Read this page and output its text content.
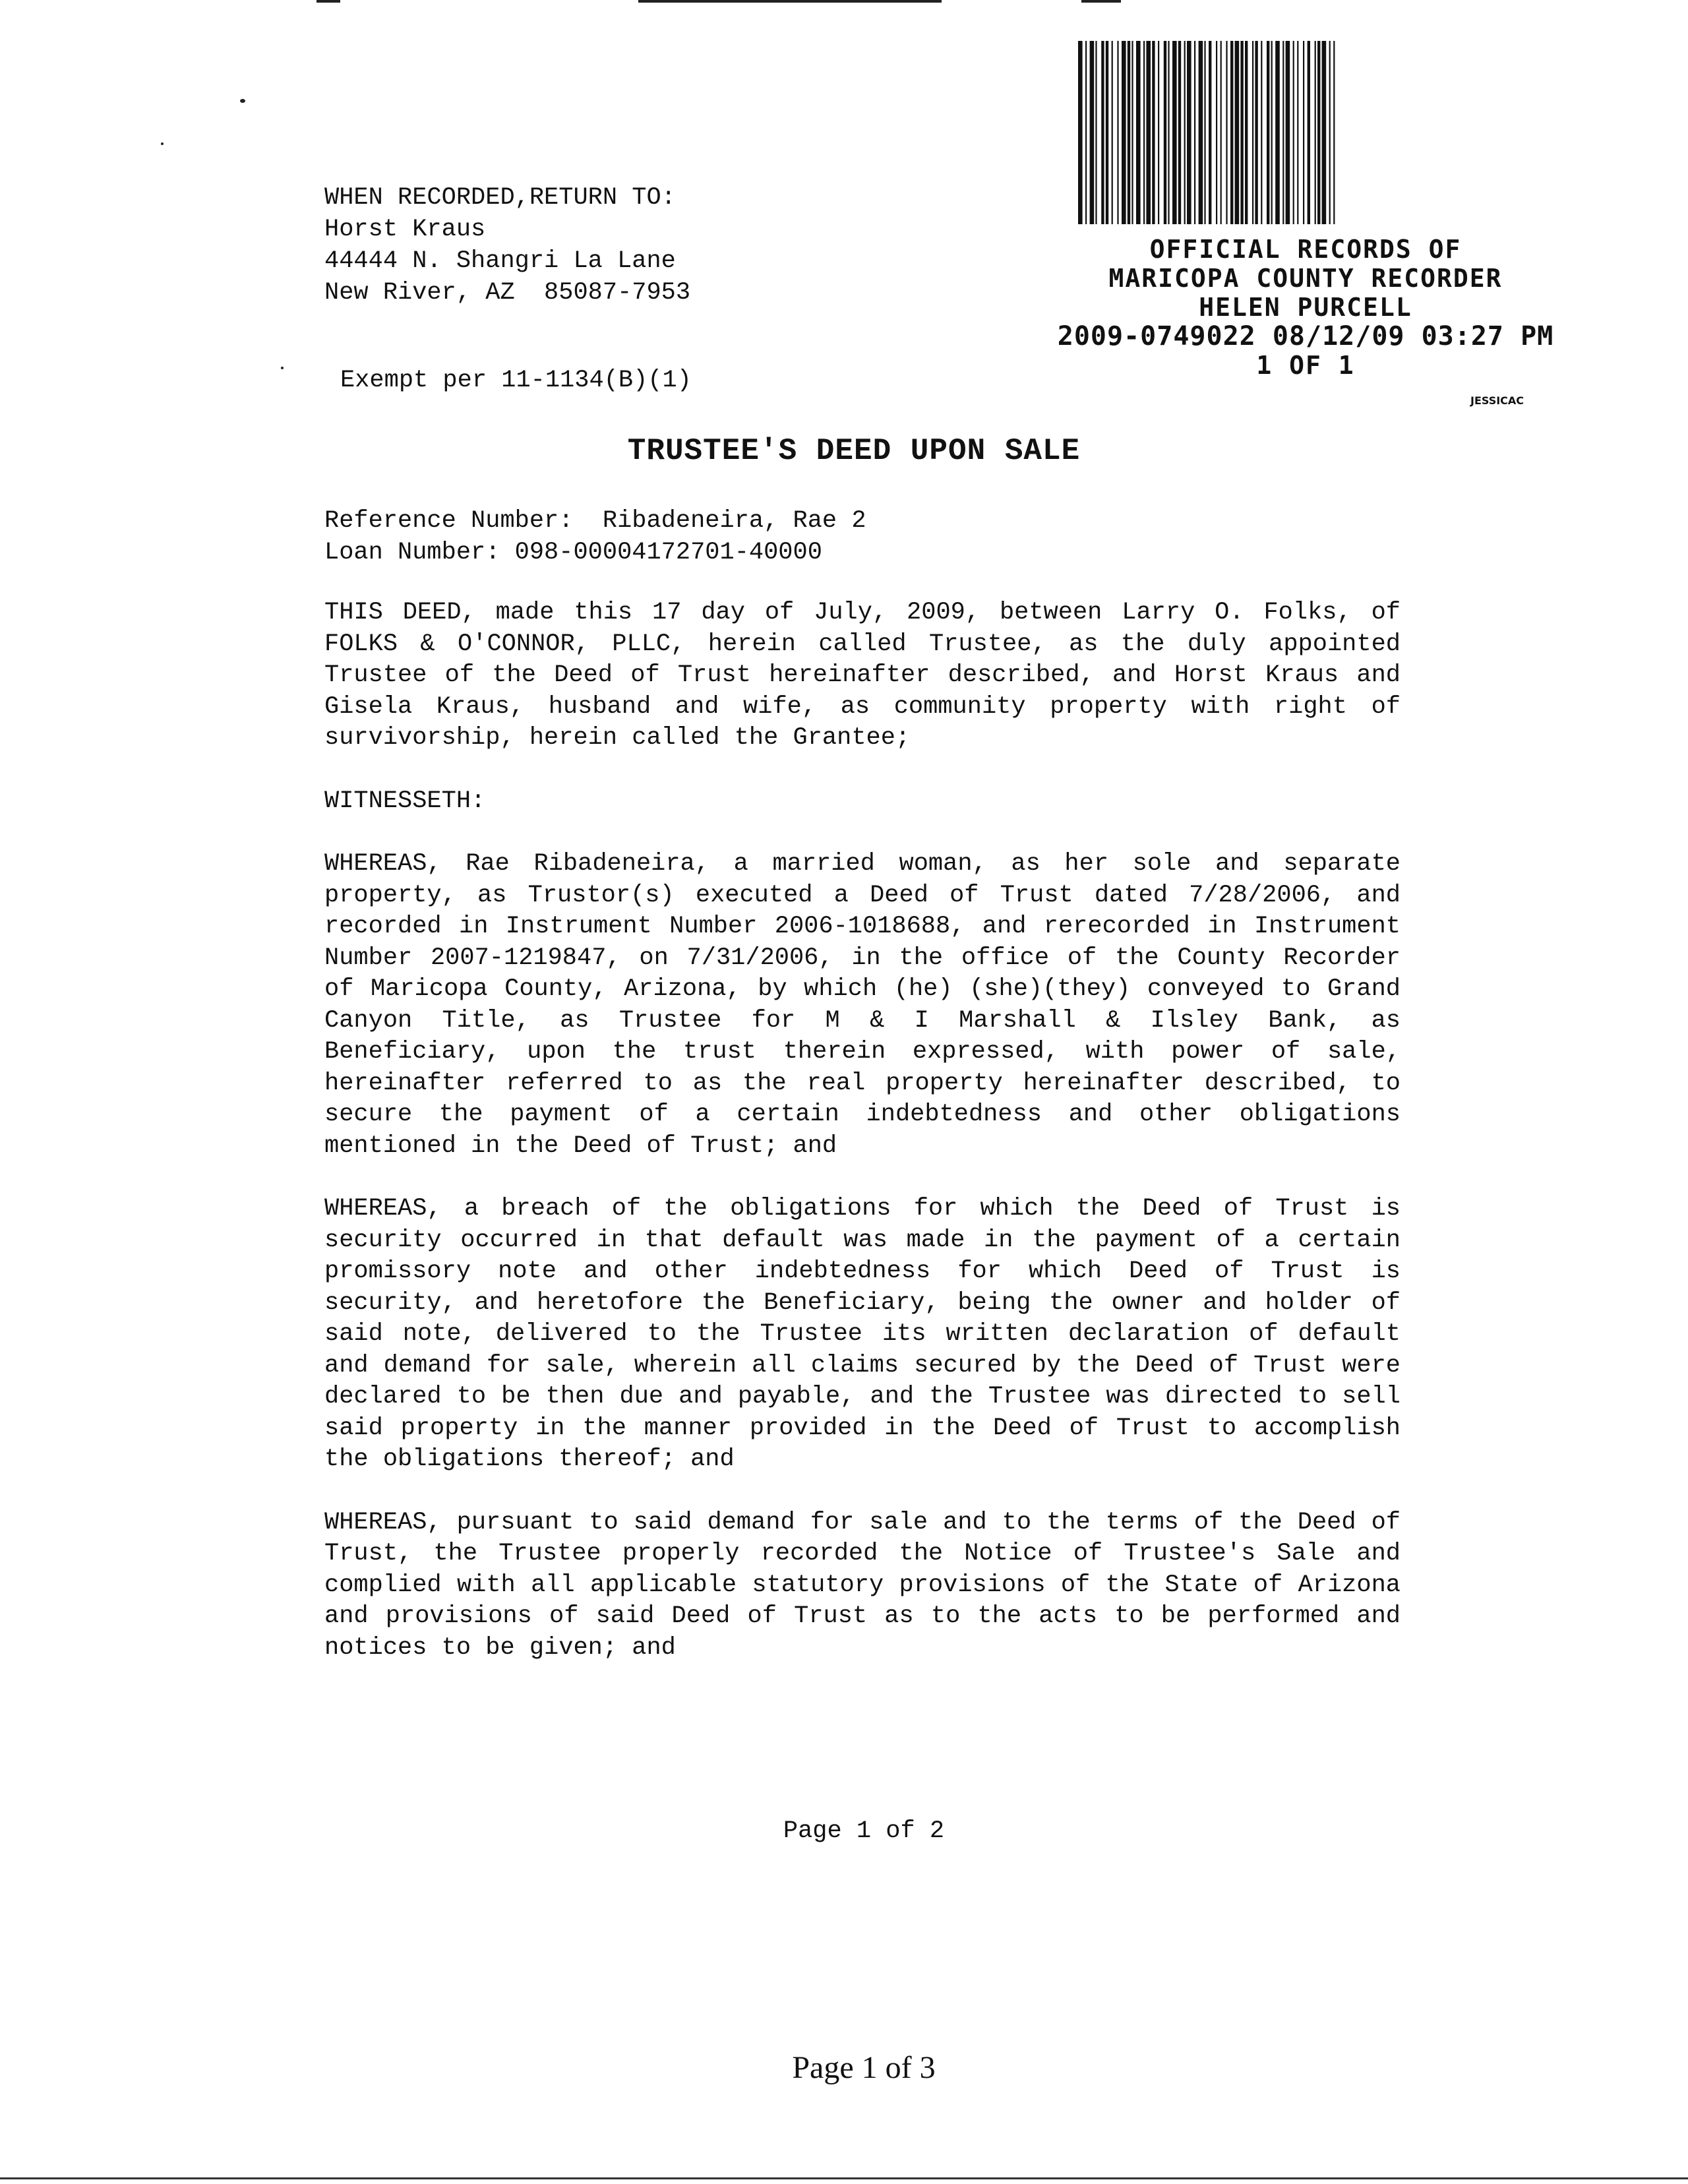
WHEN RECORDED,RETURN TO:
Horst Kraus
44444 N. Shangri La Lane
New River, AZ  85087-7953
Exempt per 11-1134(B)(1)
OFFICIAL RECORDS OF
MARICOPA COUNTY RECORDER
HELEN PURCELL
2009-0749022 08/12/09 03:27 PM
1 OF 1
JESSICAC
TRUSTEE'S DEED UPON SALE
Reference Number:  Ribadeneira, Rae 2
Loan Number: 098-00004172701-40000

THIS DEED, made this 17 day of July, 2009, between Larry O. Folks, of FOLKS & O'CONNOR, PLLC, herein called Trustee, as the duly appointed Trustee of the Deed of Trust hereinafter described, and Horst Kraus and Gisela Kraus, husband and wife, as community property with right of survivorship, herein called the Grantee;

WITNESSETH:

WHEREAS, Rae Ribadeneira, a married woman, as her sole and separate property, as Trustor(s) executed a Deed of Trust dated 7/28/2006, and recorded in Instrument Number 2006-1018688, and rerecorded in Instrument Number 2007-1219847, on 7/31/2006, in the office of the County Recorder of Maricopa County, Arizona, by which (he) (she)(they) conveyed to Grand Canyon Title, as Trustee for M & I Marshall & Ilsley Bank, as Beneficiary, upon the trust therein expressed, with power of sale, hereinafter referred to as the real property hereinafter described, to secure the payment of a certain indebtedness and other obligations mentioned in the Deed of Trust; and

WHEREAS, a breach of the obligations for which the Deed of Trust is security occurred in that default was made in the payment of a certain promissory note and other indebtedness for which Deed of Trust is security, and heretofore the Beneficiary, being the owner and holder of said note, delivered to the Trustee its written declaration of default and demand for sale, wherein all claims secured by the Deed of Trust were declared to be then due and payable, and the Trustee was directed to sell said property in the manner provided in the Deed of Trust to accomplish the obligations thereof; and

WHEREAS, pursuant to said demand for sale and to the terms of the Deed of Trust, the Trustee properly recorded the Notice of Trustee's Sale and complied with all applicable statutory provisions of the State of Arizona and provisions of said Deed of Trust as to the acts to be performed and notices to be given; and

Page 1 of 2
Page 1 of 3
